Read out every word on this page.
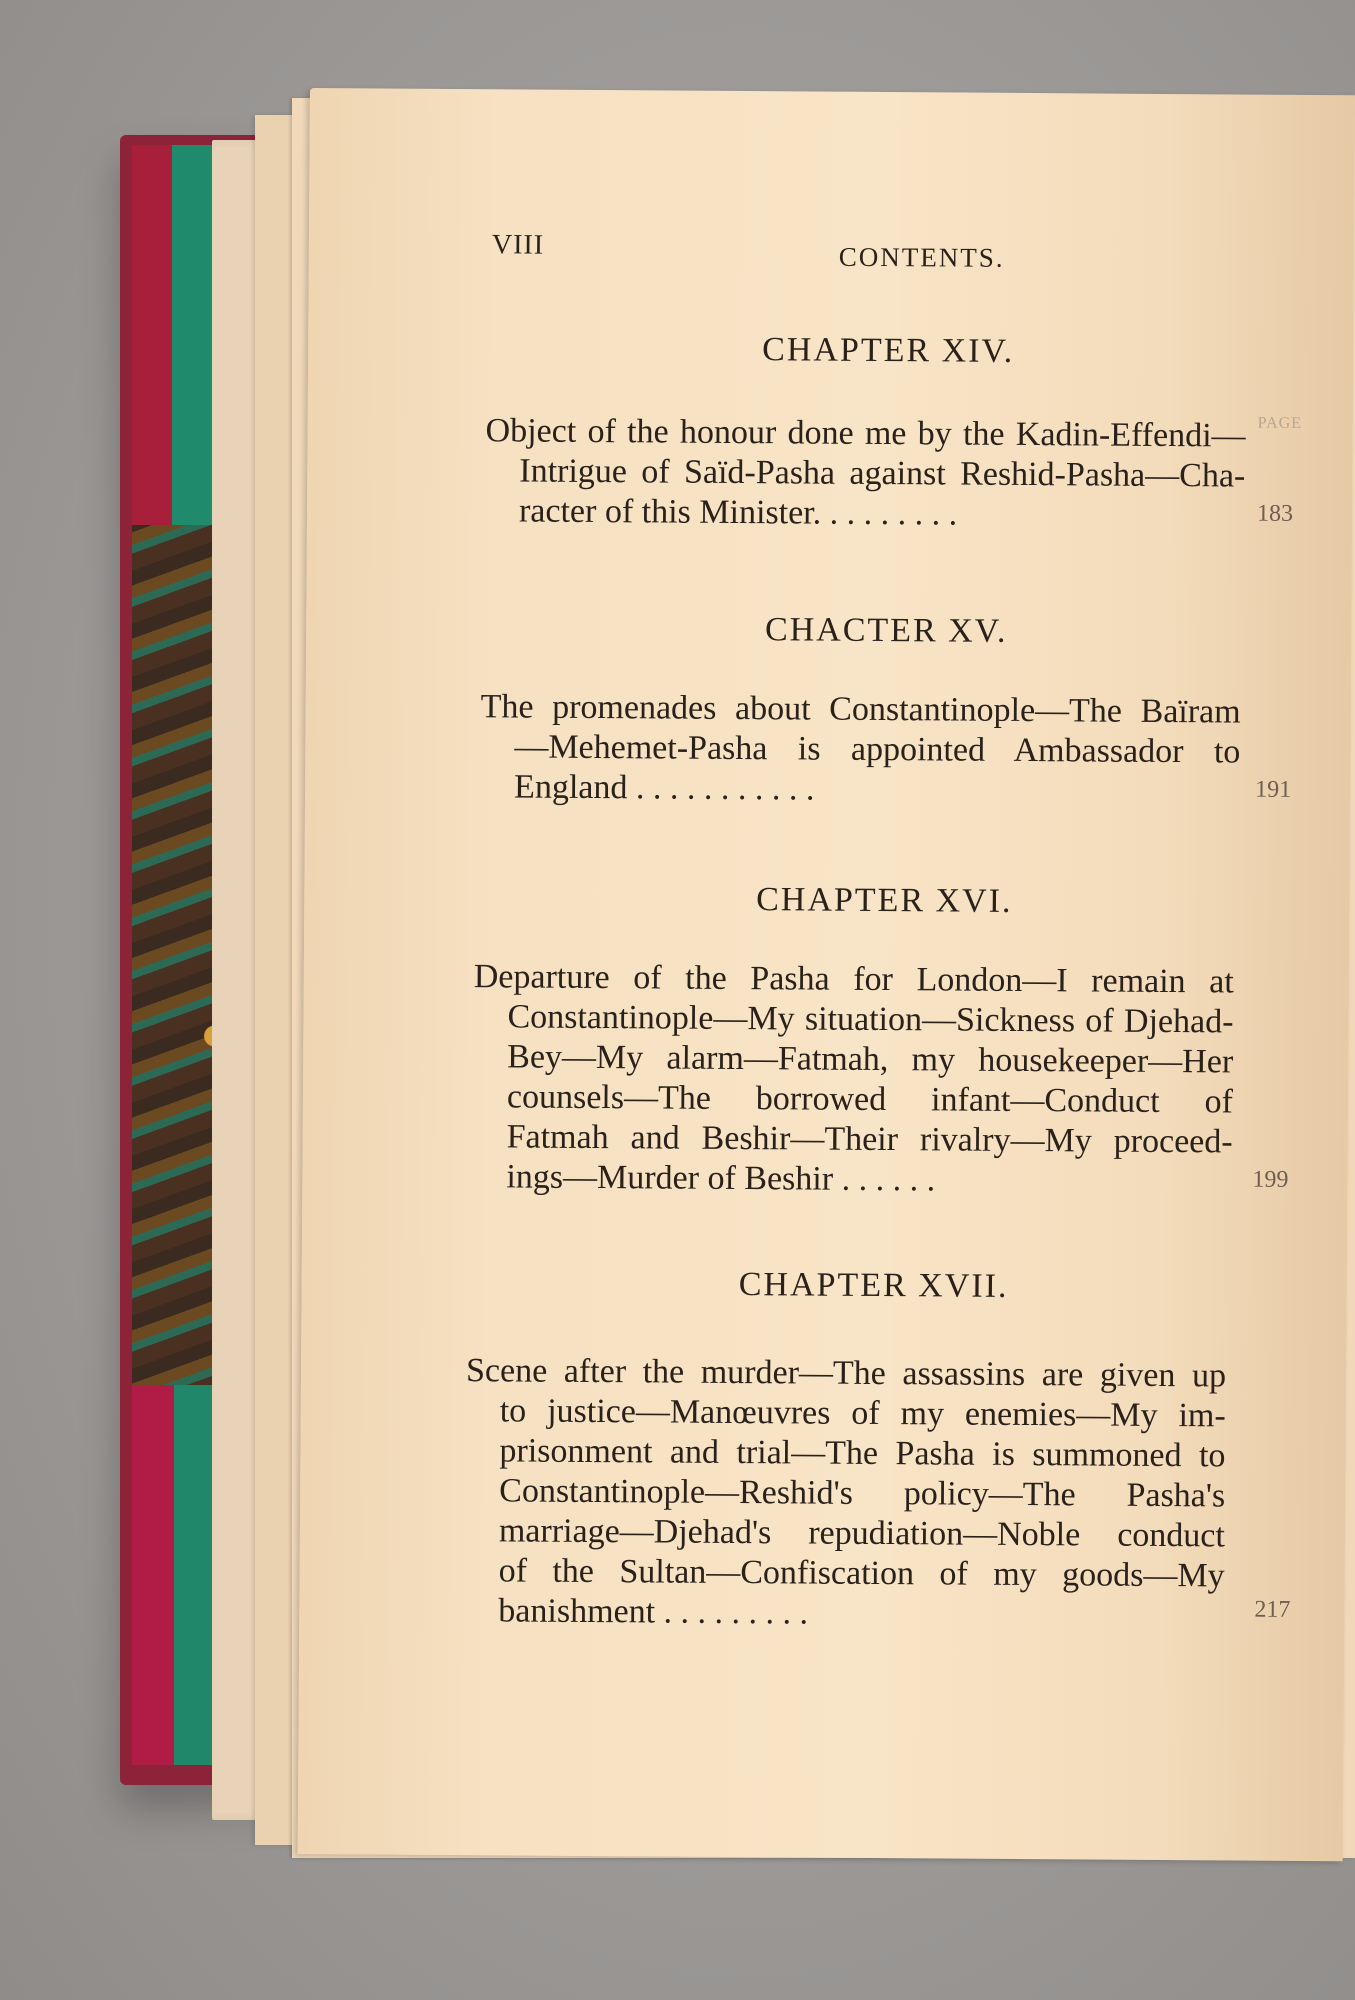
VIII	CONTENTS.
PAGE
CHAPTER XIV.
Object of the honour done me by the Kadin-Effendi—
Intrigue of Saïd-Pasha against Reshid-Pasha—Cha-
racter of this Minister. . . . . . . . .	183
CHACTER XV.
The promenades about Constantinople—The Baïram
—Mehemet-Pasha is appointed Ambassador to
England . . . . . . . . . . .	191
CHAPTER XVI.
Departure of the Pasha for London—I remain at
Constantinople—My situation—Sickness of Djehad-
Bey—My alarm—Fatmah, my housekeeper—Her
counsels—The borrowed infant—Conduct of
Fatmah and Beshir—Their rivalry—My proceed-
ings—Murder of Beshir . . . . . .	199
CHAPTER XVII.
Scene after the murder—The assassins are given up
to justice—Manœuvres of my enemies—My im-
prisonment and trial—The Pasha is summoned to
Constantinople—Reshid's policy—The Pasha's
marriage—Djehad's repudiation—Noble conduct
of the Sultan—Confiscation of my goods—My
banishment . . . . . . . . .	217
